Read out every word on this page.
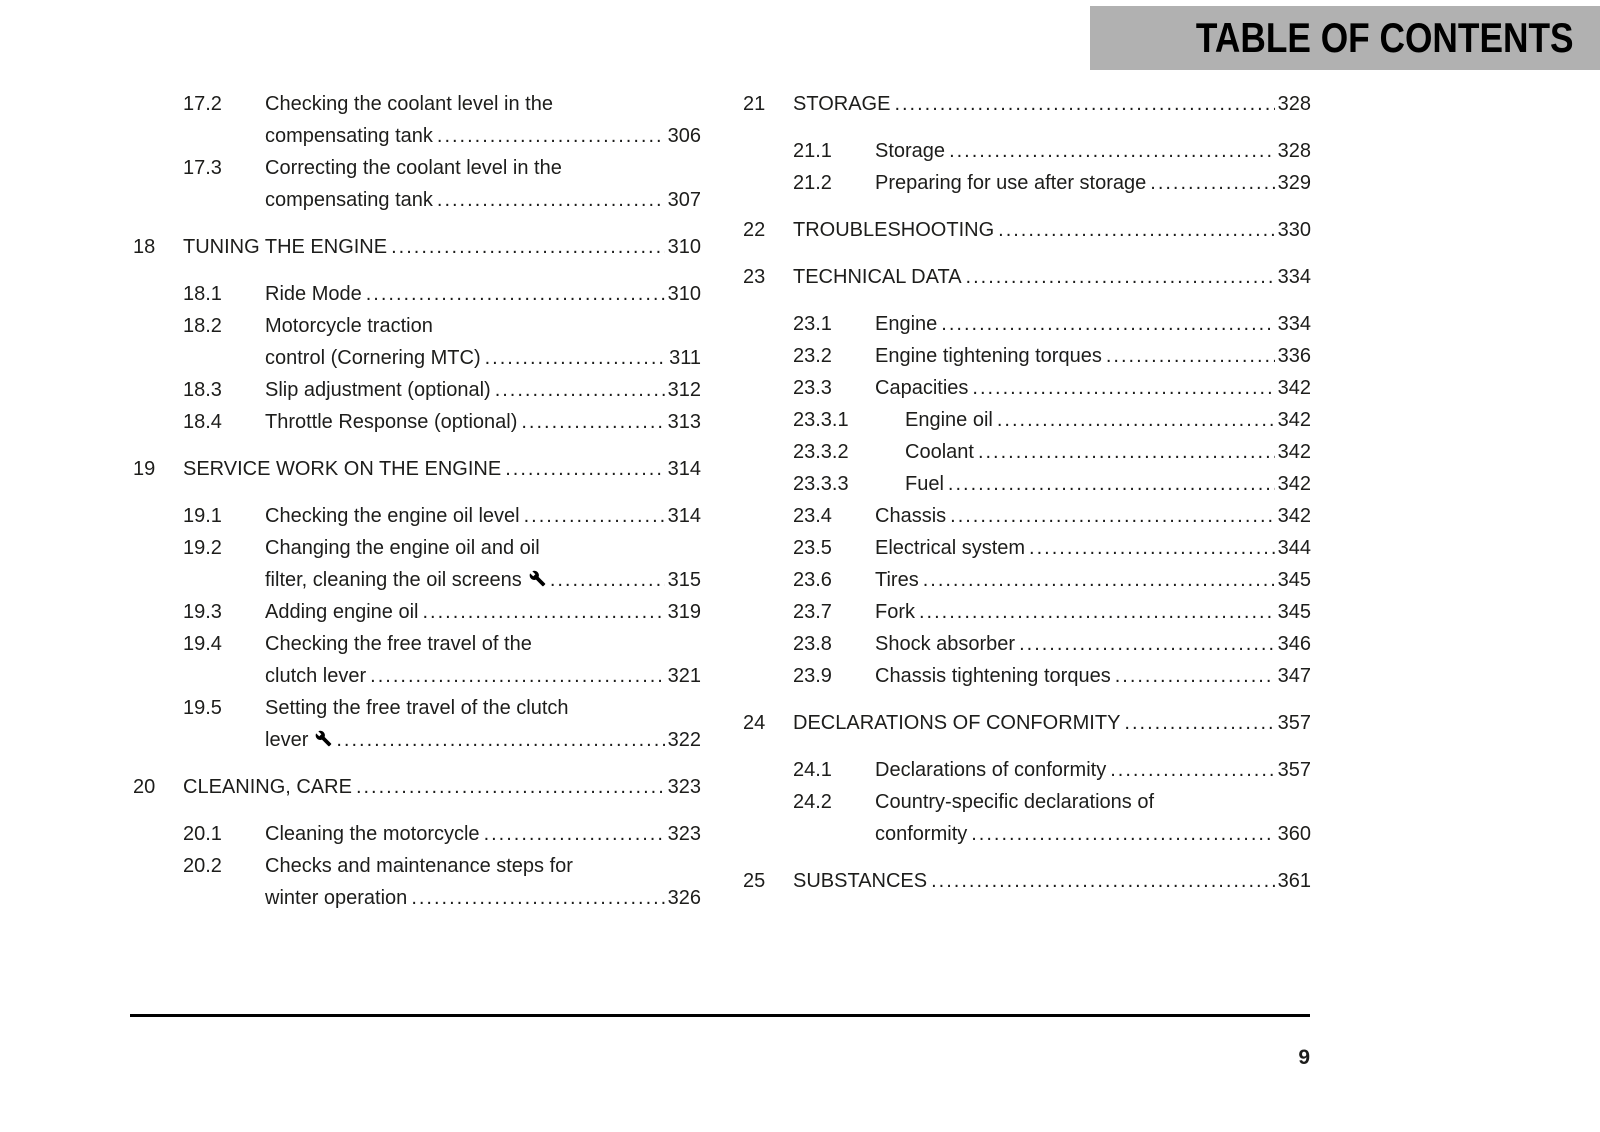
TABLE OF CONTENTS
17.2	Checking the coolant level in the
compensating tank .....	306
17.3	Correcting the coolant level in the
compensating tank .....	307
18	TUNING THE ENGINE .....	310
18.1	Ride Mode .....	310
18.2	Motorcycle traction
control (Cornering MTC) .....	311
18.3	Slip adjustment (optional) .....	312
18.4	Throttle Response (optional) .....	313
19	SERVICE WORK ON THE ENGINE .....	314
19.1	Checking the engine oil level .....	314
19.2	Changing the engine oil and oil
filter, cleaning the oil screens .....	315
19.3	Adding engine oil .....	319
19.4	Checking the free travel of the
clutch lever .....	321
19.5	Setting the free travel of the clutch
lever .....	322
20	CLEANING, CARE .....	323
20.1	Cleaning the motorcycle .....	323
20.2	Checks and maintenance steps for
winter operation .....	326
21	STORAGE .....	328
21.1	Storage .....	328
21.2	Preparing for use after storage .....	329
22	TROUBLESHOOTING .....	330
23	TECHNICAL DATA .....	334
23.1	Engine .....	334
23.2	Engine tightening torques .....	336
23.3	Capacities .....	342
23.3.1	Engine oil .....	342
23.3.2	Coolant .....	342
23.3.3	Fuel .....	342
23.4	Chassis .....	342
23.5	Electrical system .....	344
23.6	Tires .....	345
23.7	Fork .....	345
23.8	Shock absorber .....	346
23.9	Chassis tightening torques .....	347
24	DECLARATIONS OF CONFORMITY .....	357
24.1	Declarations of conformity .....	357
24.2	Country-specific declarations of
conformity .....	360
25	SUBSTANCES .....	361
9
